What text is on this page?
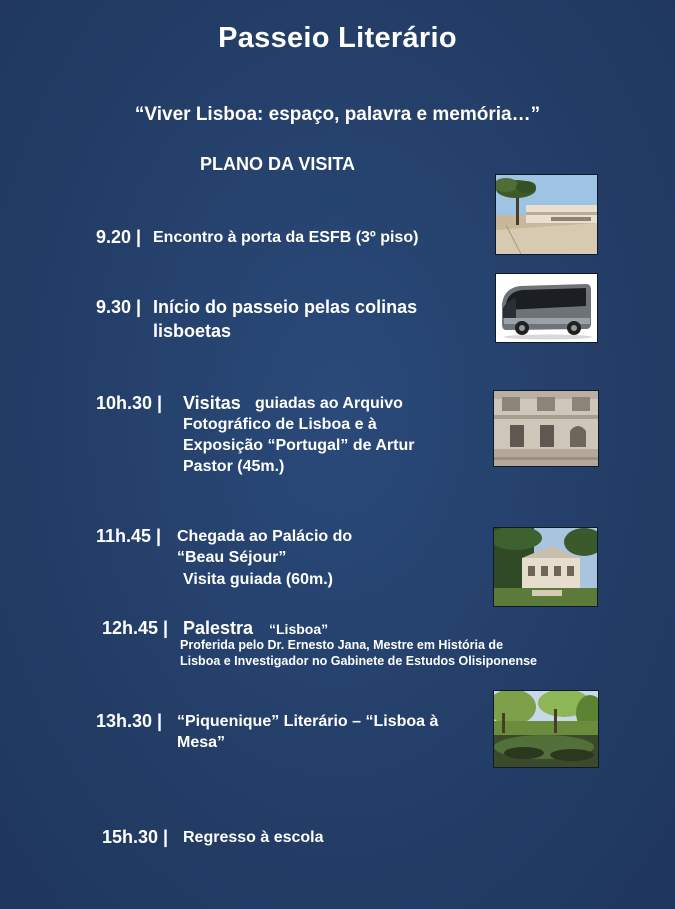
Passeio Literário
“Viver Lisboa: espaço, palavra e memória…”
PLANO DA VISITA
9.20 | Encontro à porta da ESFB (3º piso)
9.30 | Início do passeio pelas colinas
lisboetas
10h.30 | Visitas guiadas ao Arquivo
Fotográfico de Lisboa e à
Exposição “Portugal” de Artur
Pastor (45m.)
11h.45 | Chegada ao Palácio do
“Beau Séjour”
Visita guiada (60m.)
12h.45 | Palestra “Lisboa”
Proferida pelo Dr. Ernesto Jana, Mestre em História de
Lisboa e Investigador no Gabinete de Estudos Olisiponense
13h.30 | “Piquenique” Literário – “Lisboa à
Mesa”
15h.30 | Regresso à escola
